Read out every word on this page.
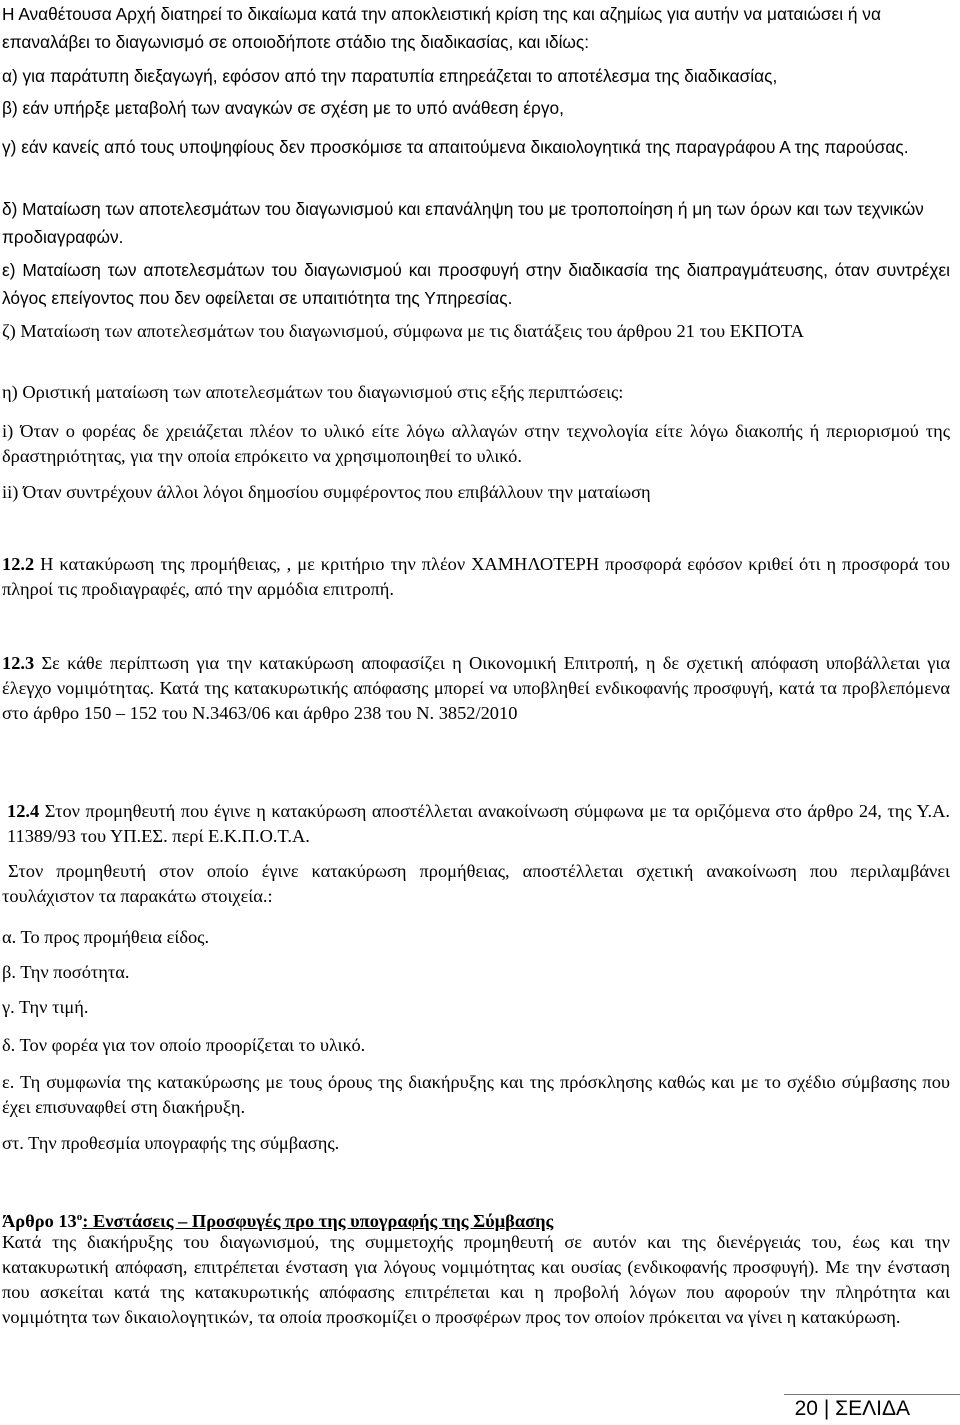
Η Αναθέτουσα Αρχή διατηρεί το δικαίωμα κατά την αποκλειστική κρίση της και αζημίως για αυτήν να ματαιώσει ή να επαναλάβει το διαγωνισμό σε οποιοδήποτε στάδιο της διαδικασίας, και ιδίως:
α) για παράτυπη διεξαγωγή, εφόσον από την παρατυπία επηρεάζεται το αποτέλεσμα της διαδικασίας,
β) εάν υπήρξε μεταβολή των αναγκών σε σχέση με το υπό ανάθεση έργο,
γ) εάν κανείς από τους υποψηφίους δεν προσκόμισε τα απαιτούμενα δικαιολογητικά της παραγράφου Α της παρούσας.
δ) Ματαίωση των αποτελεσμάτων του διαγωνισμού και επανάληψη του με τροποποίηση ή μη των όρων και των τεχνικών προδιαγραφών.
ε) Ματαίωση των αποτελεσμάτων του διαγωνισμού και προσφυγή στην διαδικασία της διαπραγμάτευσης, όταν συντρέχει λόγος επείγοντος που δεν οφείλεται σε υπαιτιότητα της Υπηρεσίας.
ζ) Ματαίωση των αποτελεσμάτων του διαγωνισμού, σύμφωνα με τις διατάξεις του άρθρου 21 του ΕΚΠΟΤΑ
η) Οριστική ματαίωση των αποτελεσμάτων του διαγωνισμού στις εξής περιπτώσεις:
i) Όταν ο φορέας δε χρειάζεται πλέον το υλικό είτε λόγω αλλαγών στην τεχνολογία είτε λόγω διακοπής ή περιορισμού της δραστηριότητας, για την οποία επρόκειτο να χρησιμοποιηθεί το υλικό.
ii) Όταν συντρέχουν άλλοι λόγοι δημοσίου συμφέροντος που επιβάλλουν την ματαίωση
12.2 Η κατακύρωση της προμήθειας, , με κριτήριο την πλέον ΧΑΜΗΛΟΤΕΡΗ προσφορά εφόσον κριθεί ότι η προσφορά του πληροί τις προδιαγραφές, από την αρμόδια επιτροπή.
12.3 Σε κάθε περίπτωση για την κατακύρωση αποφασίζει η Οικονομική Επιτροπή, η δε σχετική απόφαση υποβάλλεται για έλεγχο νομιμότητας. Κατά της κατακυρωτικής απόφασης μπορεί να υποβληθεί ενδικοφανής προσφυγή, κατά τα προβλεπόμενα στο άρθρο 150 – 152 του Ν.3463/06 και άρθρο 238 του Ν. 3852/2010
12.4 Στον προμηθευτή που έγινε η κατακύρωση αποστέλλεται ανακοίνωση σύμφωνα με τα οριζόμενα στο άρθρο 24, της Υ.Α. 11389/93 του ΥΠ.ΕΣ. περί Ε.Κ.Π.Ο.Τ.Α.
Στον προμηθευτή στον οποίο έγινε κατακύρωση προμήθειας, αποστέλλεται σχετική ανακοίνωση που περιλαμβάνει τουλάχιστον τα παρακάτω στοιχεία.:
α. Το προς προμήθεια είδος.
β. Την ποσότητα.
γ. Την τιμή.
δ. Τον φορέα για τον οποίο προορίζεται το υλικό.
ε. Τη συμφωνία της κατακύρωσης με τους όρους της διακήρυξης και της πρόσκλησης καθώς και με το σχέδιο σύμβασης που έχει επισυναφθεί στη διακήρυξη.
στ. Την προθεσμία υπογραφής της σύμβασης.
Άρθρο $13^o$: Ενστάσεις – Προσφυγές προ της υπογραφής της Σύμβασης
Κατά της διακήρυξης του διαγωνισμού, της συμμετοχής προμηθευτή σε αυτόν και της διενέργειάς του, έως και την κατακυρωτική απόφαση, επιτρέπεται ένσταση για λόγους νομιμότητας και ουσίας (ενδικοφανής προσφυγή). Με την ένσταση που ασκείται κατά της κατακυρωτικής απόφασης επιτρέπεται και η προβολή λόγων που αφορούν την πληρότητα και νομιμότητα των δικαιολογητικών, τα οποία προσκομίζει ο προσφέρων προς τον οποίον πρόκειται να γίνει η κατακύρωση.
20 | ΣΕΛΙΔΑ
